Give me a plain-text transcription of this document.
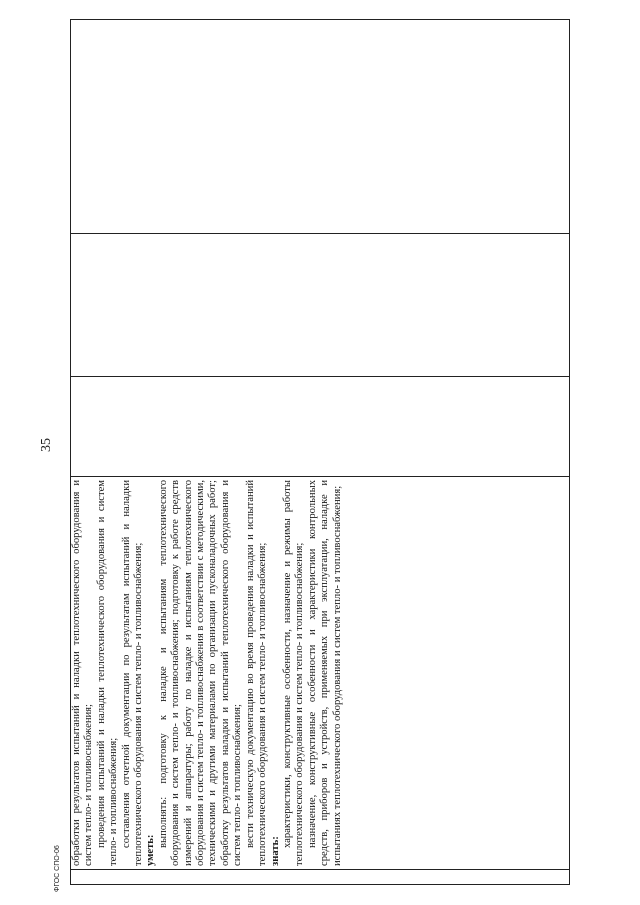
35

обработки результатов испытаний и наладки теплотехнического оборудования и систем тепло- и топливоснабжения; проведения испытаний и наладки теплотехнического оборудования и систем тепло- и топливоснабжения; составления отчетной документации по результатам испытаний и наладки теплотехнического оборудования и систем тепло- и топливоснабжения; уметь:

выполнять: подготовку к наладке и испытаниям теплотехнического оборудования и систем тепло- и топливоснабжения; подготовку к работе средств измерений и аппаратуры; работу по наладке и испытаниям теплотехнического оборудования и систем тепло- и топливоснабжения в соответствии с методическими, техническими и другими материалами по организации пусконаладочных работ; обработку результатов наладки и испытаний теплотехнического оборудования и систем тепло- и топливоснабжения; вести техническую документацию во время проведения наладки и испытаний теплотехнического оборудования и систем тепло- и топливоснабжения; знать:

характеристики, конструктивные особенности, назначение и режимы работы теплотехнического оборудования и систем тепло- и топливоснабжения; назначение, конструктивные особенности и характеристики контрольных средств, приборов и устройств, применяемых при эксплуатации, наладке и испытаниях теплотехнического оборудования и систем тепло- и топливоснабжения;

ФГОС СПО-06
